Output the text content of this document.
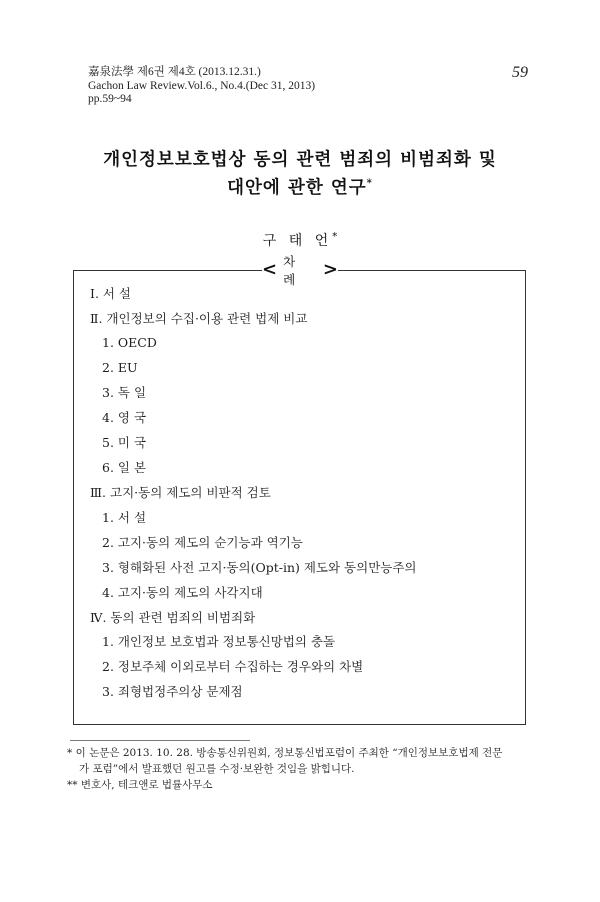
嘉泉法學 제6권 제4호 (2013.12.31.)
Gachon Law Review.Vol.6., No.4.(Dec 31, 2013)
pp.59~94
59
개인정보보호법상 동의 관련 범죄의 비범죄화 및
대안에 관한 연구*
구 태 언*
< 차 례	>
I. 서 설
Ⅱ. 개인정보의 수집·이용 관련 법제 비교
1. OECD
2. EU
3. 독 일
4. 영 국
5. 미 국
6. 일 본
Ⅲ. 고지·동의 제도의 비판적 검토
1. 서 설
2. 고지·동의 제도의 순기능과 역기능
3. 형해화된 사전 고지·동의(Opt-in) 제도와 동의만능주의
4. 고지·동의 제도의 사각지대
Ⅳ. 동의 관련 범죄의 비범죄화
1. 개인정보 보호법과 정보통신망법의 충돌
2. 정보주체 이외로부터 수집하는 경우와의 차별
3. 죄형법정주의상 문제점
* 이 논문은 2013. 10. 28. 방송통신위원회, 정보통신법포럼이 주최한 “개인정보보호법제 전문
가 포럼”에서 발표했던 원고를 수정·보완한 것임을 밝힙니다.
** 변호사, 테크앤로 법률사무소
